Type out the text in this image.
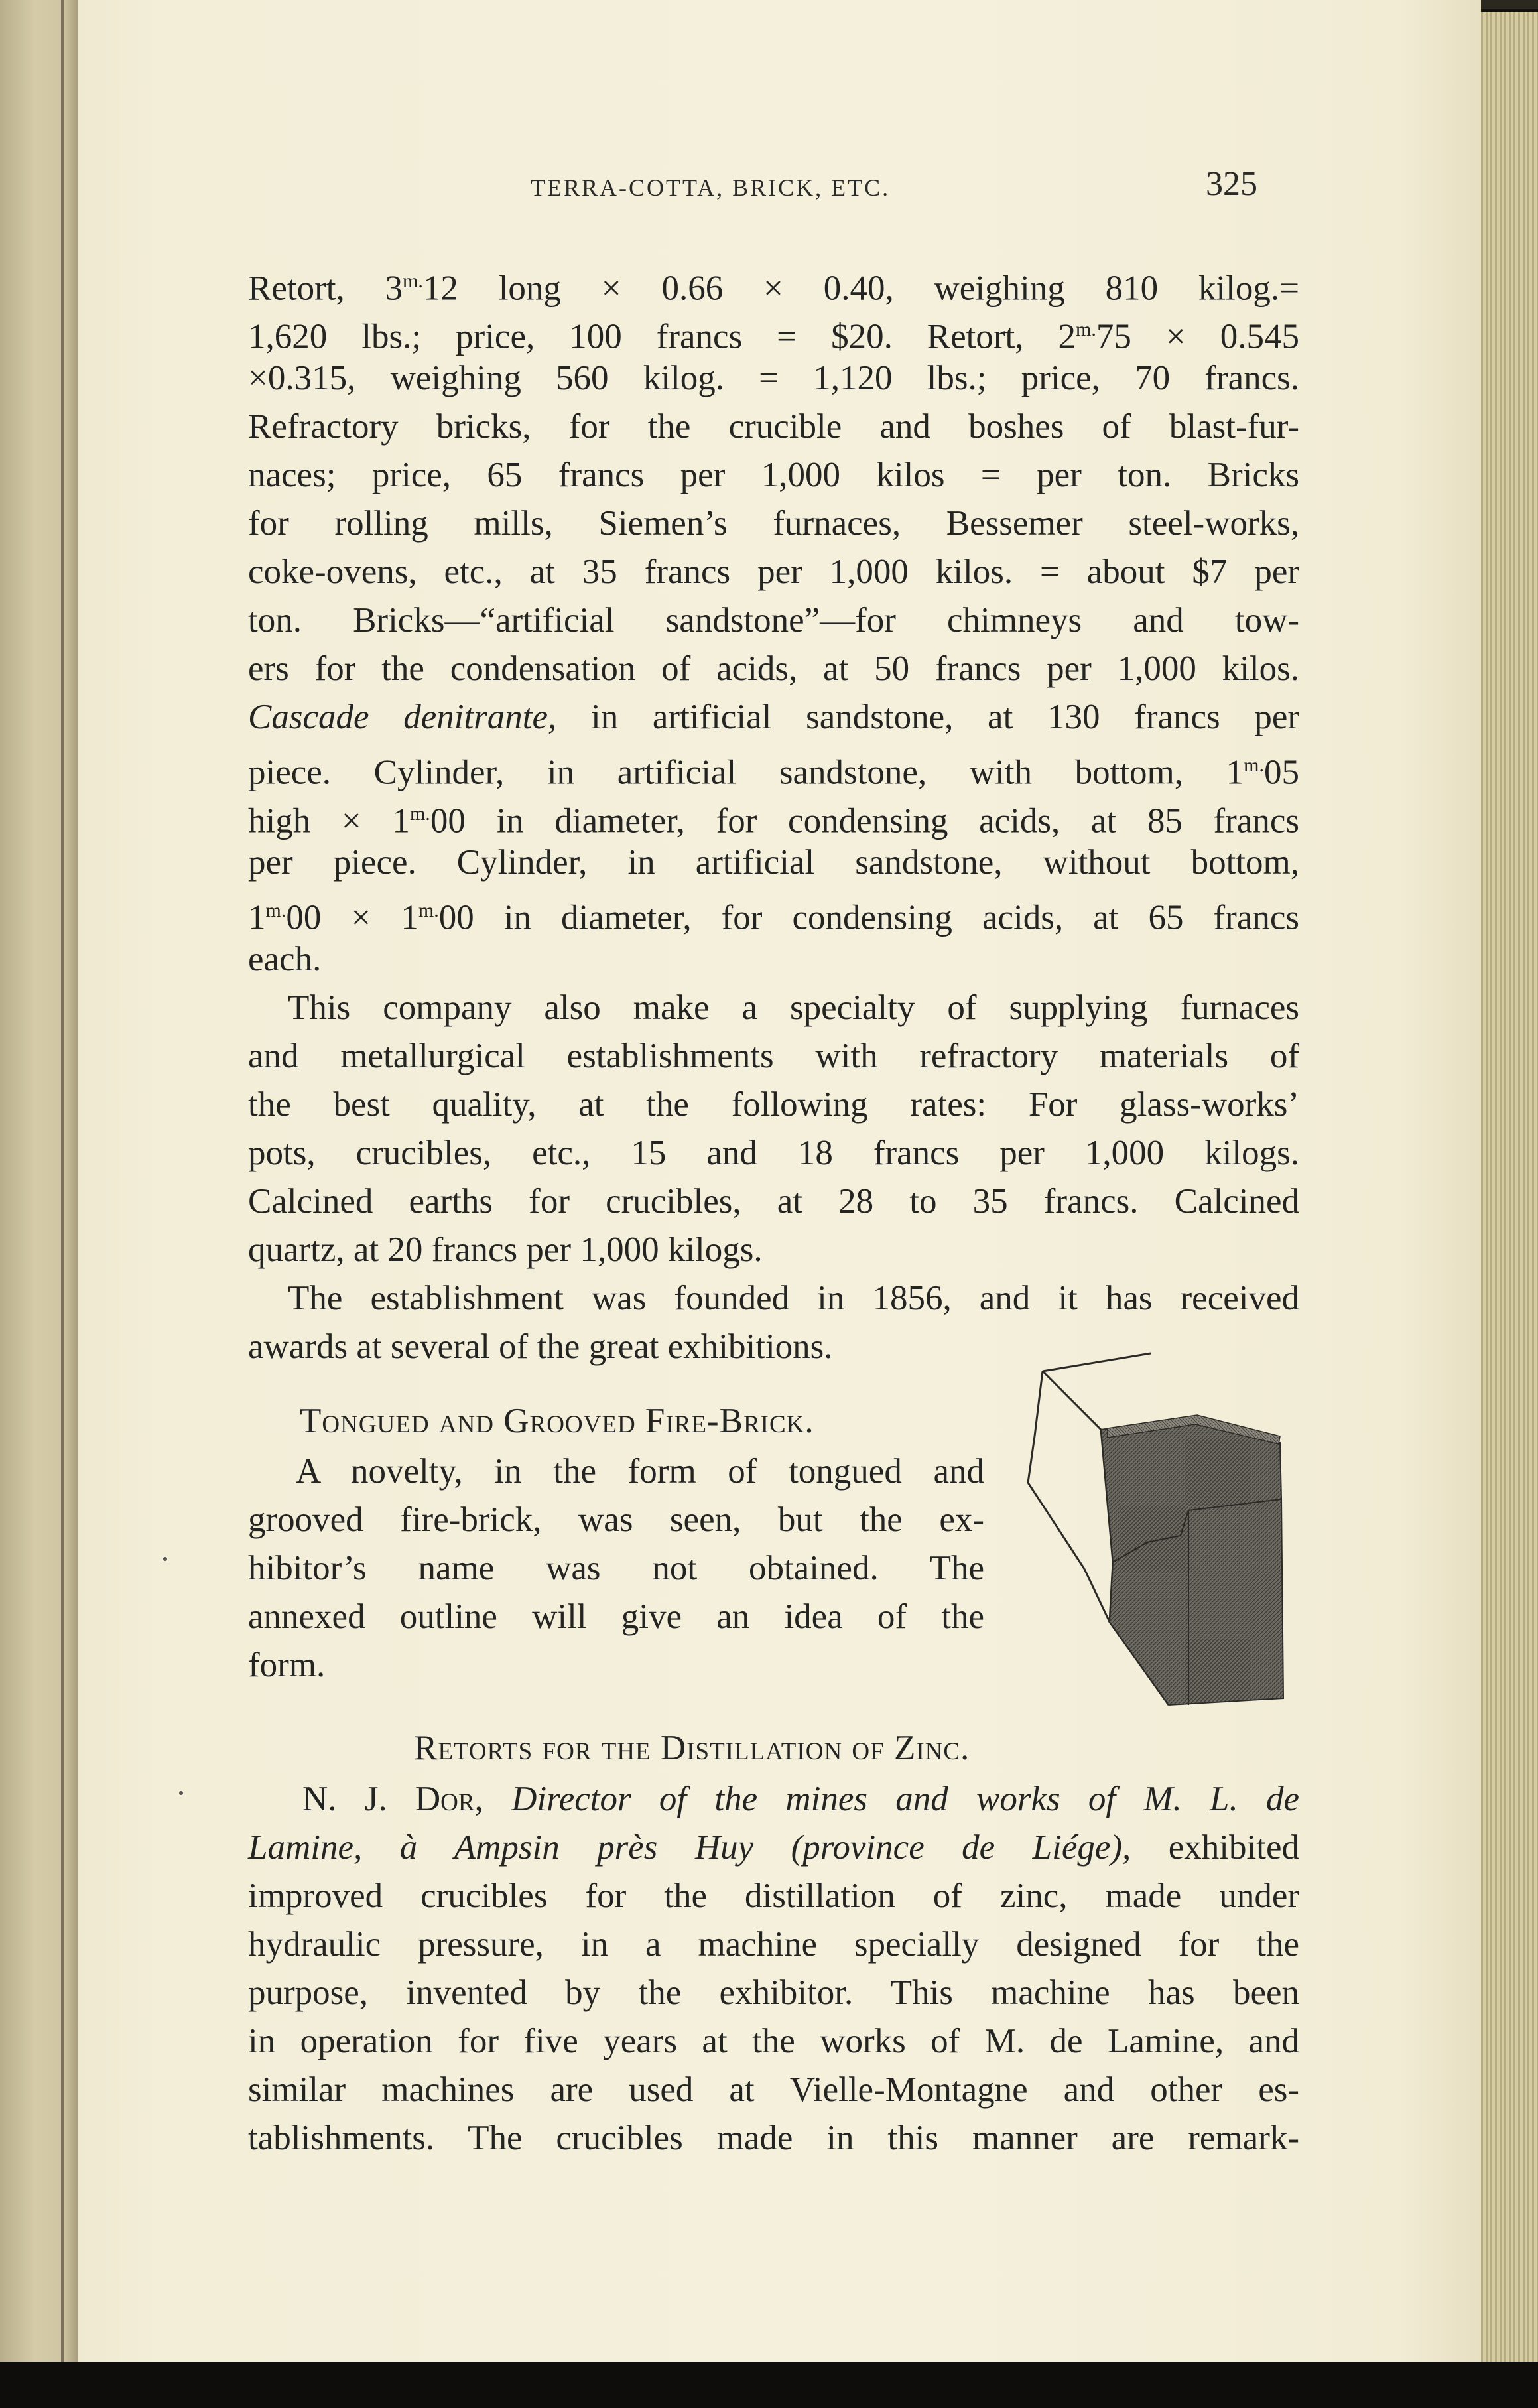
TERRA-COTTA, BRICK, ETC.	325
Retort, $3^{m.}12$ long × 0.66 × 0.40, weighing 810 kilog.=
1,620 lbs.; price, 100 francs = $20. Retort, $2^{m.}75 \times 0.545$
×0.315, weighing 560 kilog. = 1,120 lbs.; price, 70 francs.
Refractory bricks, for the crucible and boshes of blast-fur-
naces; price, 65 francs per 1,000 kilos = per ton. Bricks
for rolling mills, Siemen’s furnaces, Bessemer steel-works,
coke-ovens, etc., at 35 francs per 1,000 kilos. = about $7 per
ton. Bricks—“artificial sandstone”—for chimneys and tow-
ers for the condensation of acids, at 50 francs per 1,000 kilos.
Cascade denitrante, in artificial sandstone, at 130 francs per
piece. Cylinder, in artificial sandstone, with bottom, $1^{m.}05$
high × $1^{m.}00$ in diameter, for condensing acids, at 85 francs
per piece. Cylinder, in artificial sandstone, without bottom,
$1^{m.}00 \times 1^{m.}00$ in diameter, for condensing acids, at 65 francs
each.
This company also make a specialty of supplying furnaces
and metallurgical establishments with refractory materials of
the best quality, at the following rates: For glass-works’
pots, crucibles, etc., 15 and 18 francs per 1,000 kilogs.
Calcined earths for crucibles, at 28 to 35 francs. Calcined
quartz, at 20 francs per 1,000 kilogs.
The establishment was founded in 1856, and it has received
awards at several of the great exhibitions.
Tongued and Grooved Fire-Brick.
A novelty, in the form of tongued and
grooved fire-brick, was seen, but the ex-
hibitor’s name was not obtained. The
annexed outline will give an idea of the
form.
Retorts for the Distillation of Zinc.
N. J. Dor, Director of the mines and works of M. L. de
Lamine, à Ampsin près Huy (province de Liége), exhibited
improved crucibles for the distillation of zinc, made under
hydraulic pressure, in a machine specially designed for the
purpose, invented by the exhibitor. This machine has been
in operation for five years at the works of M. de Lamine, and
similar machines are used at Vielle-Montagne and other es-
tablishments. The crucibles made in this manner are remark-
